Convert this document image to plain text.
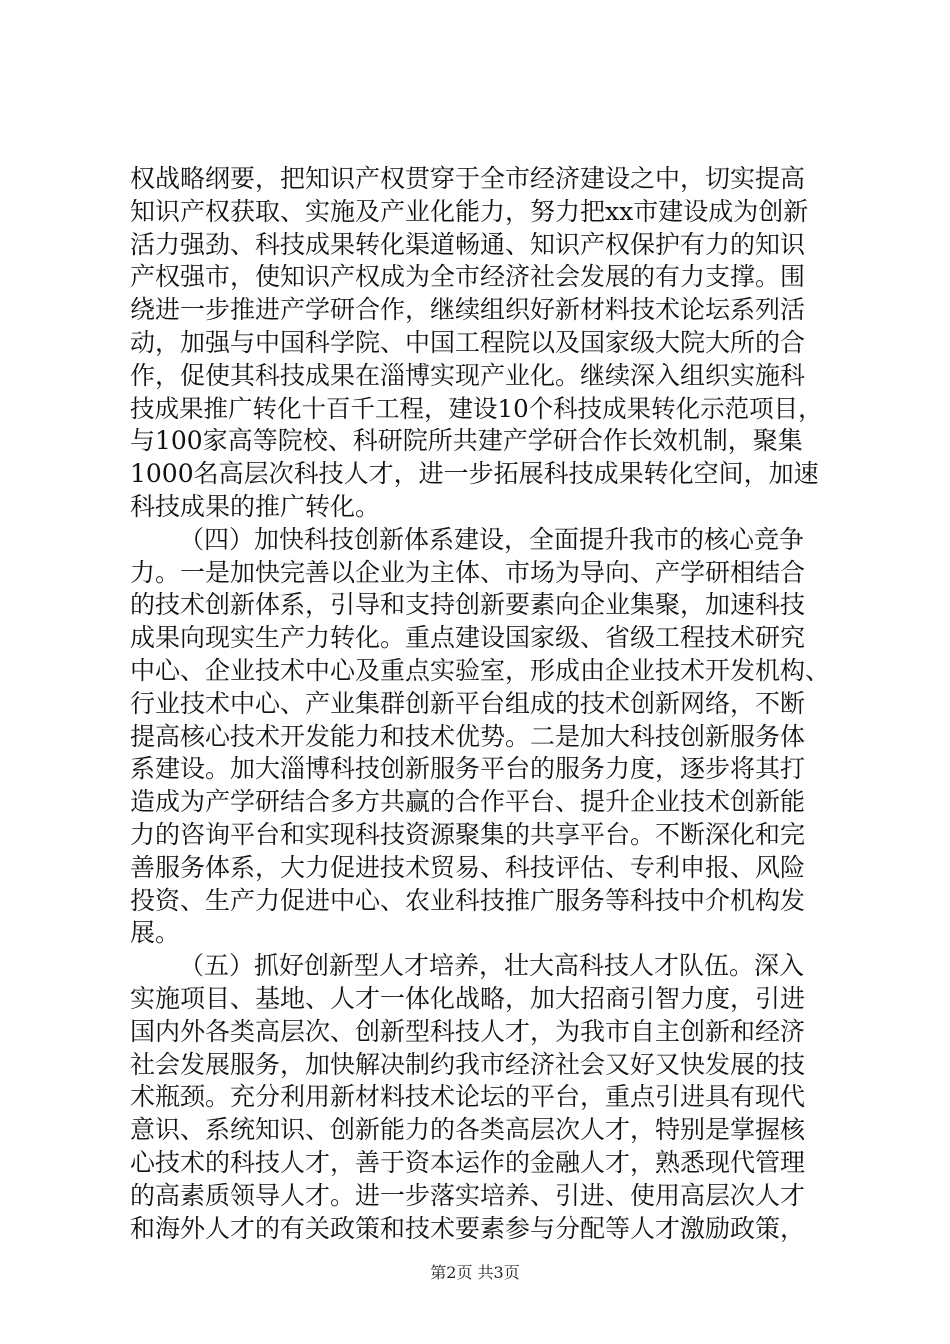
权战略纲要，把知识产权贯穿于全市经济建设之中，切实提高
知识产权获取、实施及产业化能力，努力把xx市建设成为创新
活力强劲、科技成果转化渠道畅通、知识产权保护有力的知识
产权强市，使知识产权成为全市经济社会发展的有力支撑。围
绕进一步推进产学研合作，继续组织好新材料技术论坛系列活
动，加强与中国科学院、中国工程院以及国家级大院大所的合
作，促使其科技成果在淄博实现产业化。继续深入组织实施科
技成果推广转化十百千工程，建设10个科技成果转化示范项目，
与100家高等院校、科研院所共建产学研合作长效机制，聚集
1000名高层次科技人才，进一步拓展科技成果转化空间，加速
科技成果的推广转化。
（四）加快科技创新体系建设，全面提升我市的核心竞争
力。一是加快完善以企业为主体、市场为导向、产学研相结合
的技术创新体系，引导和支持创新要素向企业集聚，加速科技
成果向现实生产力转化。重点建设国家级、省级工程技术研究
中心、企业技术中心及重点实验室，形成由企业技术开发机构、
行业技术中心、产业集群创新平台组成的技术创新网络，不断
提高核心技术开发能力和技术优势。二是加大科技创新服务体
系建设。加大淄博科技创新服务平台的服务力度，逐步将其打
造成为产学研结合多方共赢的合作平台、提升企业技术创新能
力的咨询平台和实现科技资源聚集的共享平台。不断深化和完
善服务体系，大力促进技术贸易、科技评估、专利申报、风险
投资、生产力促进中心、农业科技推广服务等科技中介机构发
展。
（五）抓好创新型人才培养，壮大高科技人才队伍。深入
实施项目、基地、人才一体化战略，加大招商引智力度，引进
国内外各类高层次、创新型科技人才，为我市自主创新和经济
社会发展服务，加快解决制约我市经济社会又好又快发展的技
术瓶颈。充分利用新材料技术论坛的平台，重点引进具有现代
意识、系统知识、创新能力的各类高层次人才，特别是掌握核
心技术的科技人才，善于资本运作的金融人才，熟悉现代管理
的高素质领导人才。进一步落实培养、引进、使用高层次人才
和海外人才的有关政策和技术要素参与分配等人才激励政策，
第2页 共3页
